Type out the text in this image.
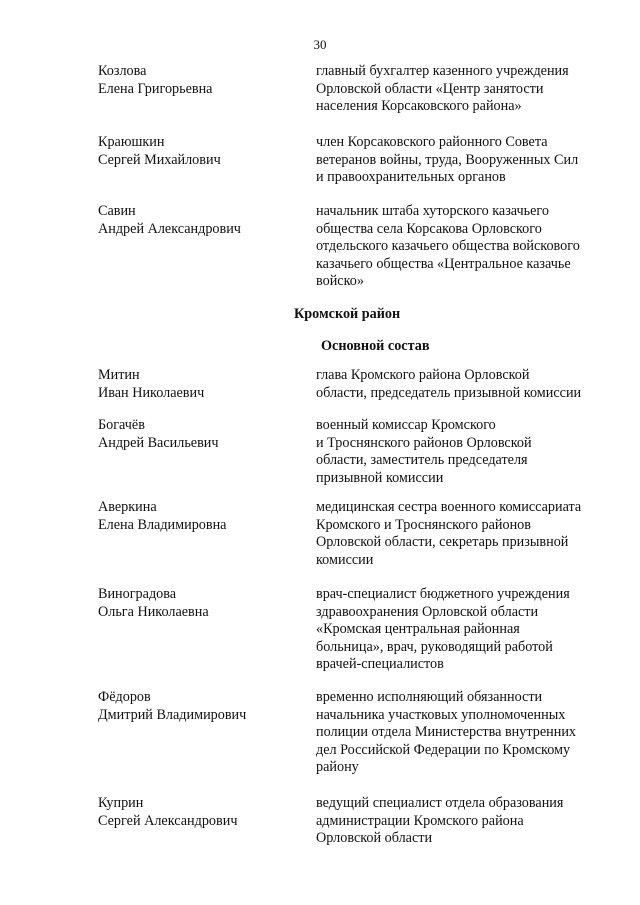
30
Козлова
Елена Григорьевна
главный бухгалтер казенного учреждения
Орловской области «Центр занятости
населения Корсаковского района»
Краюшкин
Сергей Михайлович
член Корсаковского районного Совета
ветеранов войны, труда, Вооруженных Сил
и правоохранительных органов
Савин
Андрей Александрович
начальник штаба хуторского казачьего
общества села Корсакова Орловского
отдельского казачьего общества войскового
казачьего общества «Центральное казачье
войско»
Кромской район
Основной состав
Митин
Иван Николаевич
глава Кромского района Орловской
области, председатель призывной комиссии
Богачёв
Андрей Васильевич
военный комиссар Кромского
и Троснянского районов Орловской
области, заместитель председателя
призывной комиссии
Аверкина
Елена Владимировна
медицинская сестра военного комиссариата
Кромского и Троснянского районов
Орловской области, секретарь призывной
комиссии
Виноградова
Ольга Николаевна
врач-специалист бюджетного учреждения
здравоохранения Орловской области
«Кромская центральная районная
больница», врач, руководящий работой
врачей-специалистов
Фёдоров
Дмитрий Владимирович
временно исполняющий обязанности
начальника участковых уполномоченных
полиции отдела Министерства внутренних
дел Российской Федерации по Кромскому
району
Куприн
Сергей Александрович
ведущий специалист отдела образования
администрации Кромского района
Орловской области
